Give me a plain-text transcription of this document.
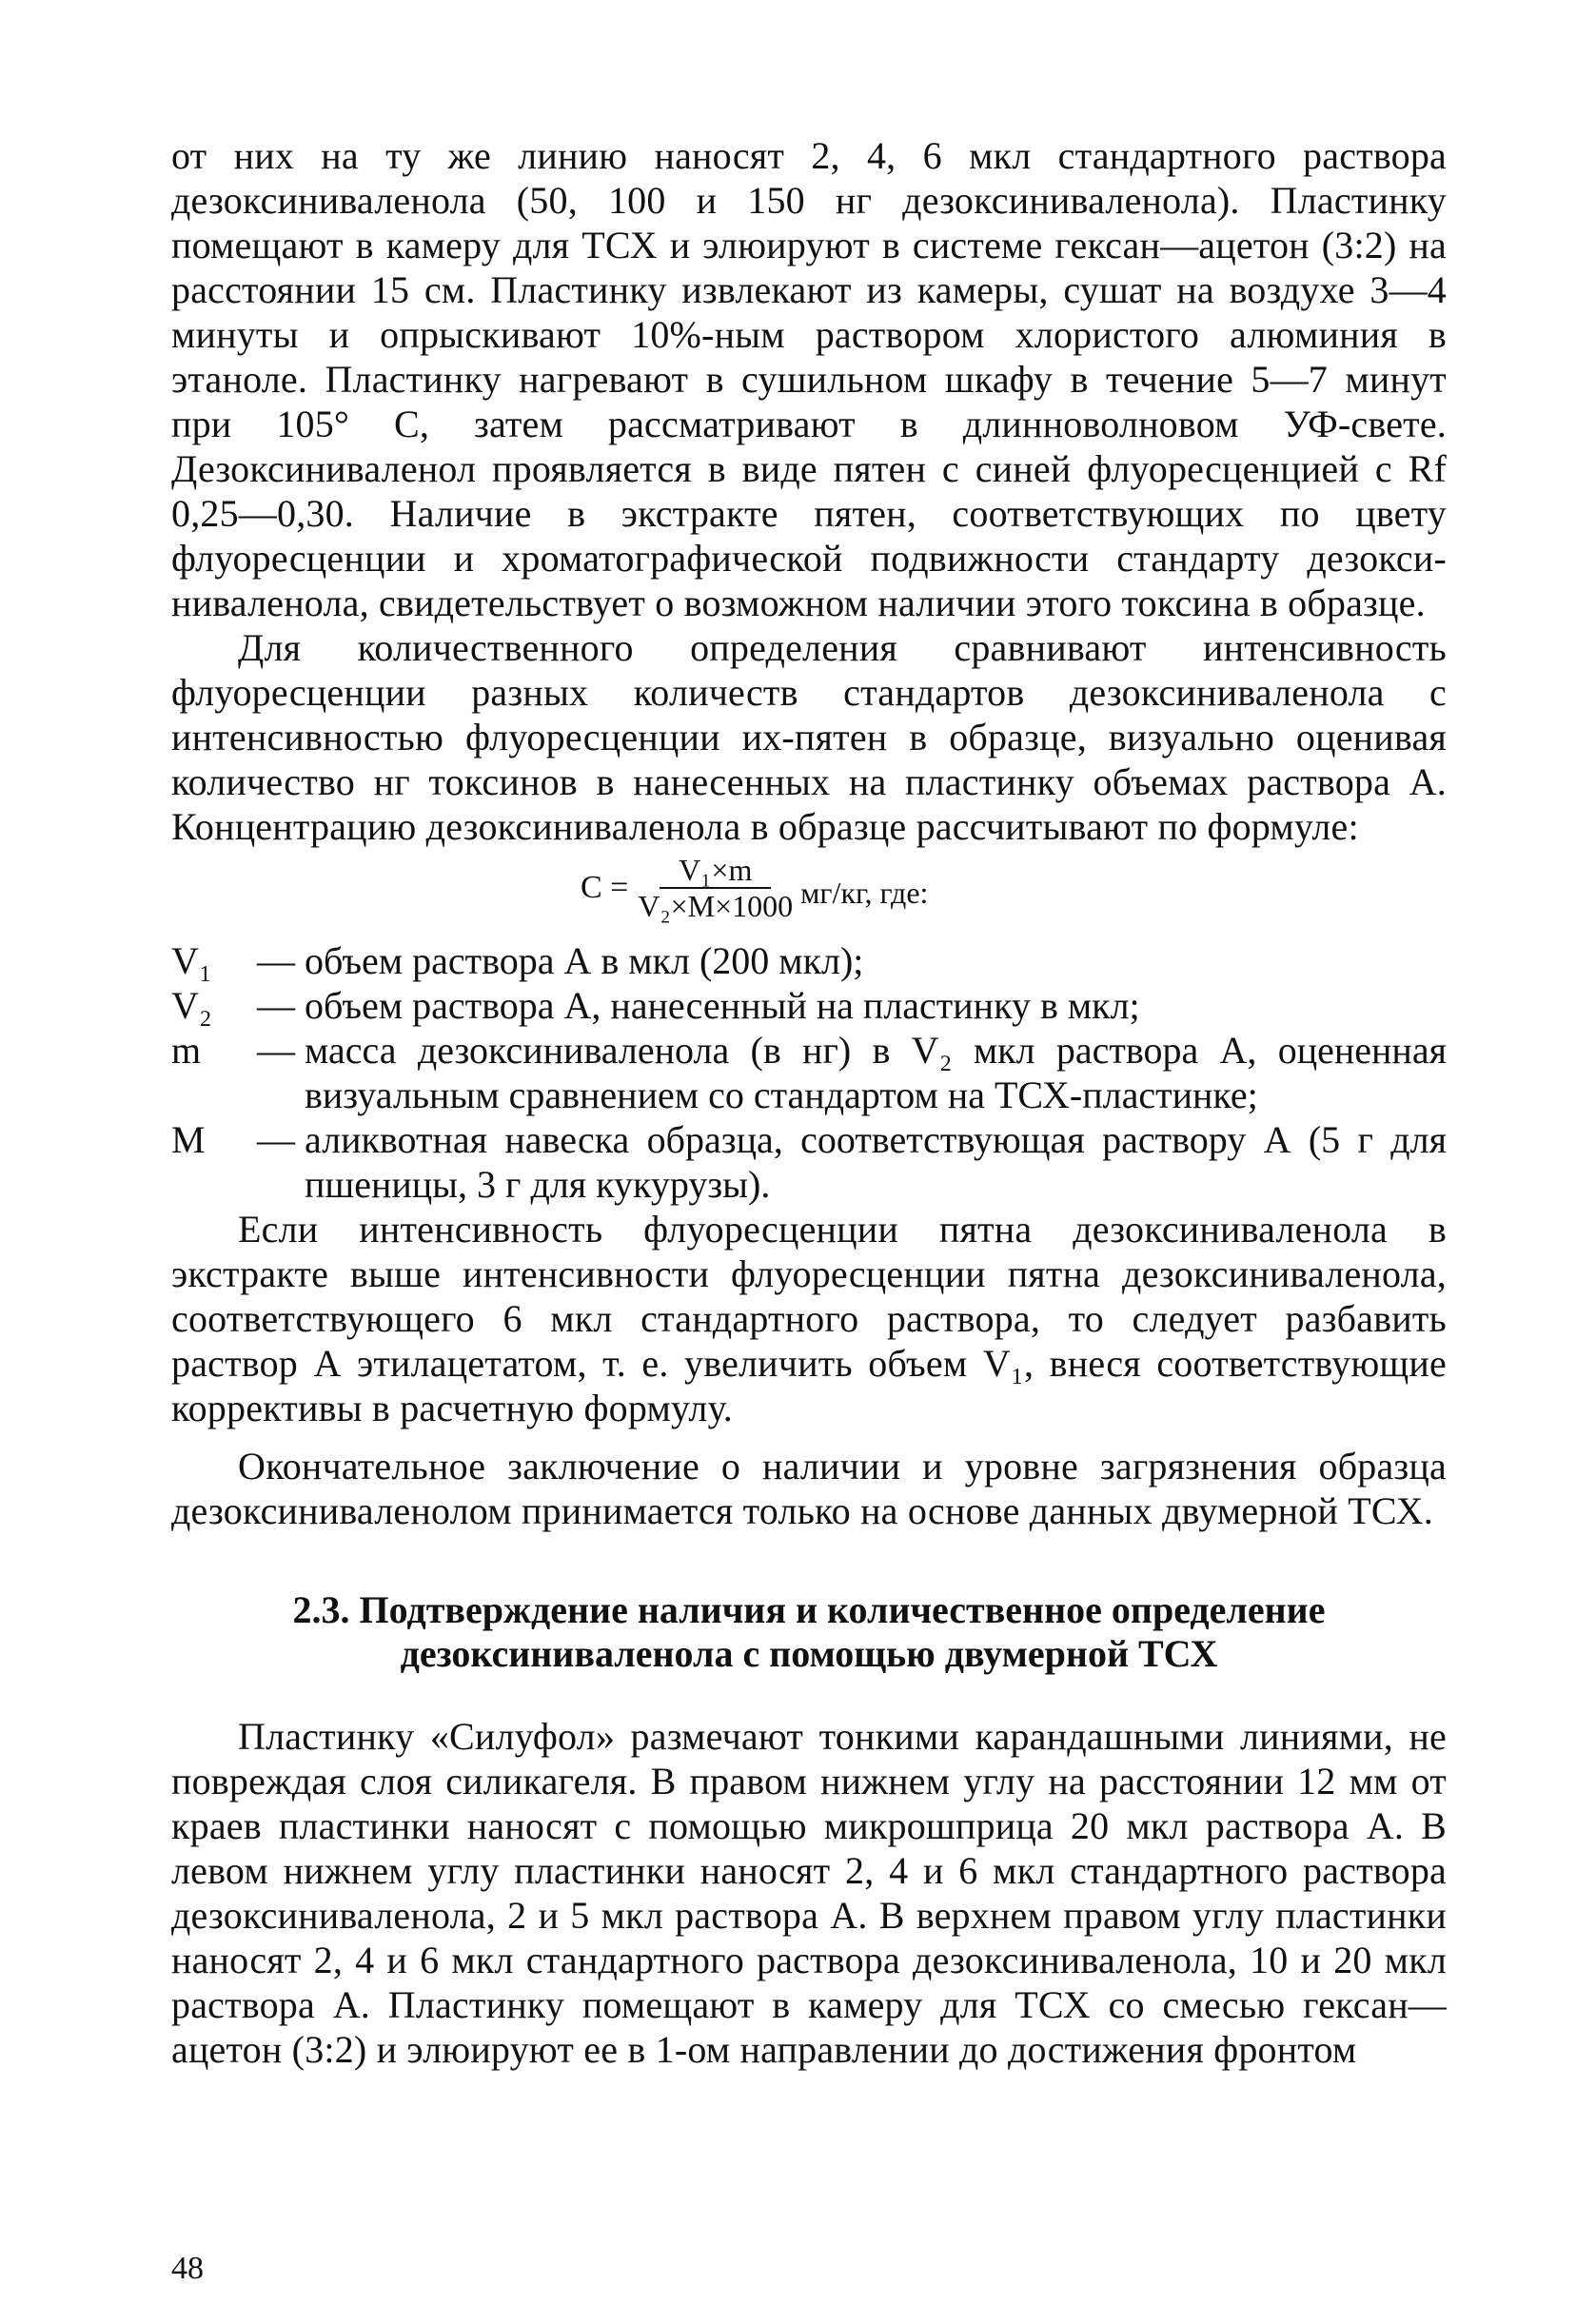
от них на ту же линию наносят 2, 4, 6 мкл стандартного раствора дезоксиниваленола (50, 100 и 150 нг дезоксиниваленола). Пластинку помещают в камеру для ТСХ и элюируют в системе гексан—ацетон (3:2) на расстоянии 15 см. Пластинку извлекают из камеры, сушат на воздухе 3—4 минуты и опрыскивают 10%-ным раствором хлористого алюминия в этаноле. Пластинку нагревают в сушильном шкафу в течение 5—7 минут при 105° С, затем рассматривают в длинноволновом УФ-свете. Дезоксиниваленол проявляется в виде пятен с синей флуоресценцией с Rf 0,25—0,30. Наличие в экстракте пятен, соответствующих по цвету флуоресценции и хроматографической подвижности стандарту дезокси- ниваленола, свидетельствует о возможном наличии этого токсина в образце.

Для количественного определения сравнивают интенсивность флуоресценции разных количеств стандартов дезоксиниваленола с интенсивностью флуоресценции их-пятен в образце, визуально оценивая количество нг токсинов в нанесенных на пластинку объемах раствора А. Концентрацию дезоксиниваленола в образце рассчитывают по формуле:

$С = \frac{\text{V₁×m}}{\text{V₂×M×1000}} мг/кг$, где:
V₁	— объем раствора А в мкл (200 мкл);
V₂	— объем раствора А, нанесенный на пластинку в мкл;
m	— масса дезоксиниваленола (в нг) в V₂ мкл раствора А, оцененная визуальным сравнением со стандартом на ТСХ-пластинке;
М	— аликвотная навеска образца, соответствующая раствору А (5 г для пшеницы, 3 г для кукурузы).

Если интенсивность флуоресценции пятна дезоксиниваленола в экстракте выше интенсивности флуоресценции пятна дезоксиниваленола, соответствующего 6 мкл стандартного раствора, то следует разбавить раствор А этилацетатом, т. е. увеличить объем V₁, внеся соответствующие коррективы в расчетную формулу.

Окончательное заключение о наличии и уровне загрязнения образца дезоксиниваленолом принимается только на основе данных двумерной ТСХ.

2.3. Подтверждение наличия и количественное определение
дезоксиниваленола с помощью двумерной ТСХ

Пластинку «Силуфол» размечают тонкими карандашными линиями, не повреждая слоя силикагеля. В правом нижнем углу на расстоянии 12 мм от краев пластинки наносят с помощью микрошприца 20 мкл раствора А. В левом нижнем углу пластинки наносят 2, 4 и 6 мкл стандартного раствора дезоксиниваленола, 2 и 5 мкл раствора А. В верхнем правом углу пластинки наносят 2, 4 и 6 мкл стандартного раствора дезоксиниваленола, 10 и 20 мкл раствора А. Пластинку помещают в камеру для ТСХ со смесью гексан—ацетон (3:2) и элюируют ее в 1-ом направлении до достижения фронтом

48
